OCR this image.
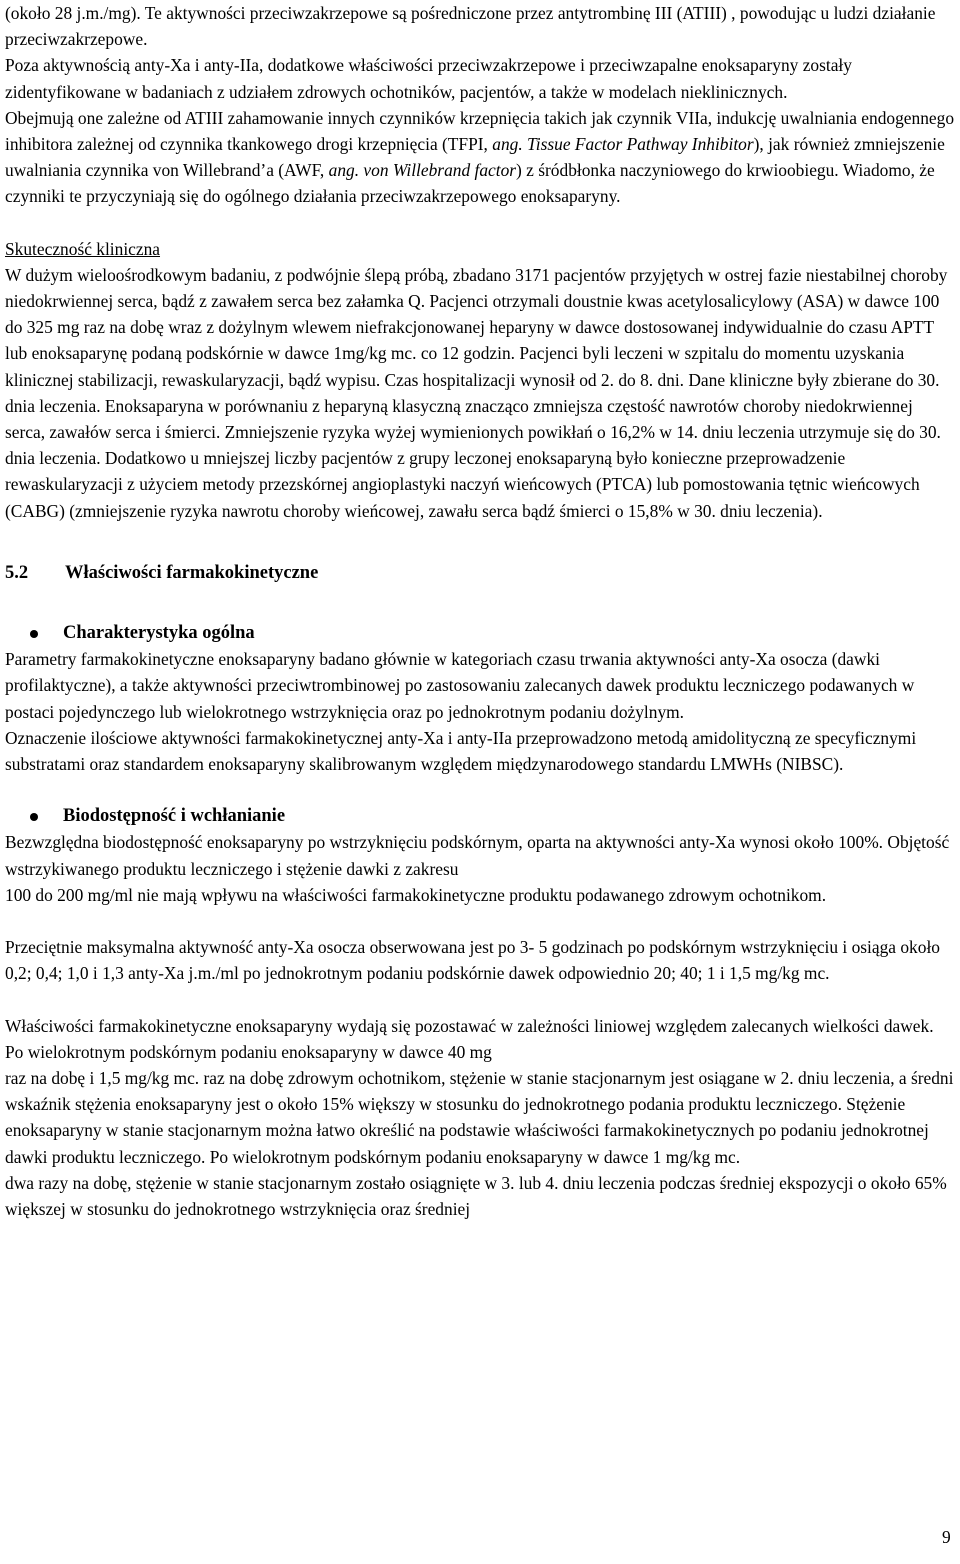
(około 28 j.m./mg). Te aktywności przeciwzakrzepowe są pośredniczone przez antytrombinę III (ATIII) , powodując u ludzi działanie przeciwzakrzepowe.

Poza aktywnością anty-Xa i anty-IIa, dodatkowe właściwości przeciwzakrzepowe i przeciwzapalne enoksaparyny zostały zidentyfikowane w badaniach z udziałem zdrowych ochotników, pacjentów, a także w modelach nieklinicznych.

Obejmują one zależne od ATIII zahamowanie innych czynników krzepnięcia takich jak czynnik VIIa, indukcję uwalniania endogennego inhibitora zależnej od czynnika tkankowego drogi krzepnięcia (TFPI, ang. Tissue Factor Pathway Inhibitor), jak również zmniejszenie uwalniania czynnika von Willebrand’a (AWF, ang. von Willebrand factor) z śródbłonka naczyniowego do krwioobiegu. Wiadomo, że czynniki te przyczyniają się do ogólnego działania przeciwzakrzepowego enoksaparyny.

Skuteczność kliniczna

W dużym wieloośrodkowym badaniu, z podwójnie ślepą próbą, zbadano 3171 pacjentów przyjętych w ostrej fazie niestabilnej choroby niedokrwiennej serca, bądź z zawałem serca bez załamka Q. Pacjenci otrzymali doustnie kwas acetylosalicylowy (ASA) w dawce 100 do 325 mg raz na dobę wraz z dożylnym wlewem niefrakcjonowanej heparyny w dawce dostosowanej indywidualnie do czasu APTT lub enoksaparynę podaną podskórnie w dawce 1mg/kg mc. co 12 godzin. Pacjenci byli leczeni w szpitalu do momentu uzyskania klinicznej stabilizacji, rewaskularyzacji, bądź wypisu. Czas hospitalizacji wynosił od 2. do 8. dni. Dane kliniczne były zbierane do 30. dnia leczenia. Enoksaparyna w porównaniu z heparyną klasyczną znacząco zmniejsza częstość nawrotów choroby niedokrwiennej serca, zawałów serca i śmierci. Zmniejszenie ryzyka wyżej wymienionych powikłań o 16,2% w 14. dniu leczenia utrzymuje się do 30. dnia leczenia. Dodatkowo u mniejszej liczby pacjentów z grupy leczonej enoksaparyną było konieczne przeprowadzenie rewaskularyzacji z użyciem metody przezskórnej angioplastyki naczyń wieńcowych (PTCA) lub pomostowania tętnic wieńcowych (CABG) (zmniejszenie ryzyka nawrotu choroby wieńcowej, zawału serca bądź śmierci o 15,8% w 30. dniu leczenia).

5.2 Właściwości farmakokinetyczne

Charakterystyka ogólna

Parametry farmakokinetyczne enoksaparyny badano głównie w kategoriach czasu trwania aktywności anty-Xa osocza (dawki profilaktyczne), a także aktywności przeciwtrombinowej po zastosowaniu zalecanych dawek produktu leczniczego podawanych w postaci pojedynczego lub wielokrotnego wstrzyknięcia oraz po jednokrotnym podaniu dożylnym.

Oznaczenie ilościowe aktywności farmakokinetycznej anty-Xa i anty-IIa przeprowadzono metodą amidolityczną ze specyficznymi substratami oraz standardem enoksaparyny skalibrowanym względem międzynarodowego standardu LMWHs (NIBSC).

Biodostępność i wchłanianie

Bezwzględna biodostępność enoksaparyny po wstrzyknięciu podskórnym, oparta na aktywności anty-Xa wynosi około 100%. Objętość wstrzykiwanego produktu leczniczego i stężenie dawki z zakresu

100 do 200 mg/ml nie mają wpływu na właściwości farmakokinetyczne produktu podawanego zdrowym ochotnikom.

Przeciętnie maksymalna aktywność anty-Xa osocza obserwowana jest po 3- 5 godzinach po podskórnym wstrzyknięciu i osiąga około 0,2; 0,4; 1,0 i 1,3 anty-Xa j.m./ml po jednokrotnym podaniu podskórnie dawek odpowiednio 20; 40; 1 i 1,5 mg/kg mc.

Właściwości farmakokinetyczne enoksaparyny wydają się pozostawać w zależności liniowej względem zalecanych wielkości dawek. Po wielokrotnym podskórnym podaniu enoksaparyny w dawce 40 mg

raz na dobę i 1,5 mg/kg mc. raz na dobę zdrowym ochotnikom, stężenie w stanie stacjonarnym jest osiągane w 2. dniu leczenia, a średni wskaźnik stężenia enoksaparyny jest o około 15% większy w stosunku do jednokrotnego podania produktu leczniczego. Stężenie enoksaparyny w stanie stacjonarnym można łatwo określić na podstawie właściwości farmakokinetycznych po podaniu jednokrotnej dawki produktu leczniczego. Po wielokrotnym podskórnym podaniu enoksaparyny w dawce 1 mg/kg mc.

dwa razy na dobę, stężenie w stanie stacjonarnym zostało osiągnięte w 3. lub 4. dniu leczenia podczas średniej ekspozycji o około 65% większej w stosunku do jednokrotnego wstrzyknięcia oraz średniej

9
